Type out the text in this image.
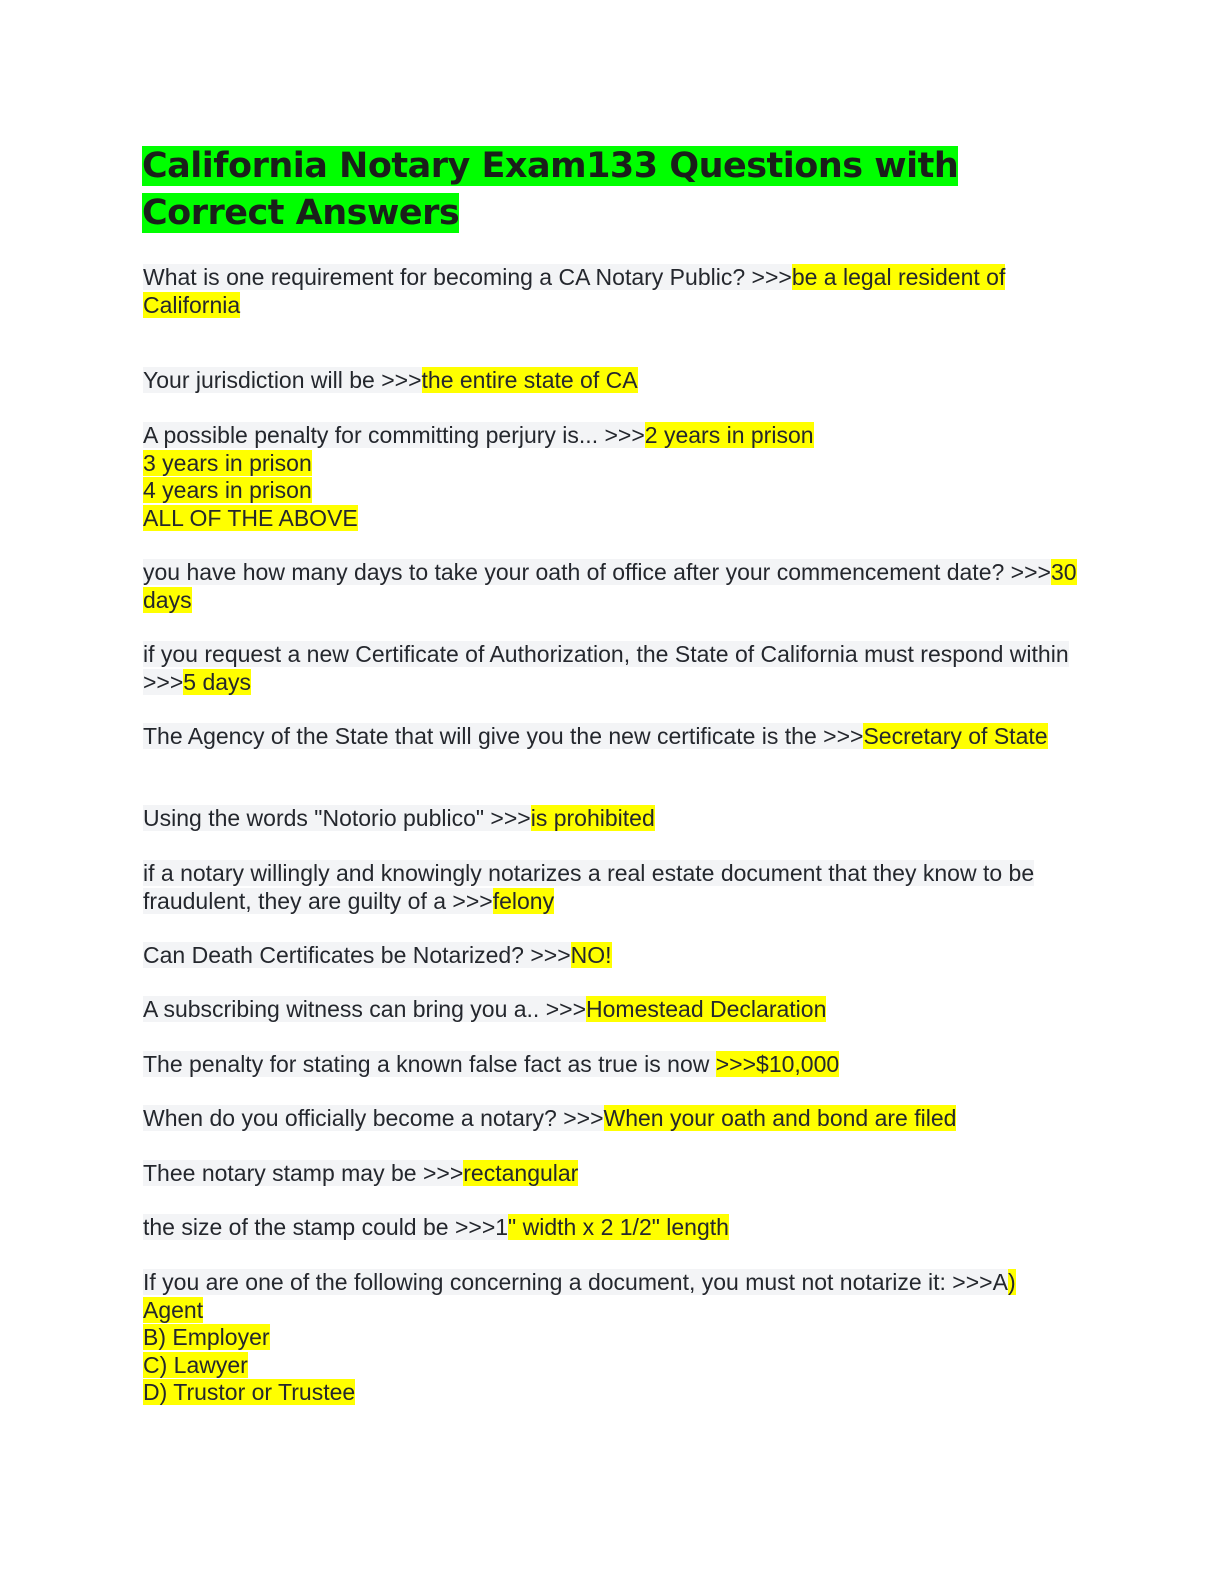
California Notary Exam133 Questions with Correct Answers

What is one requirement for becoming a CA Notary Public? >>>be a legal resident of California

Your jurisdiction will be >>>the entire state of CA

A possible penalty for committing perjury is... >>>2 years in prison
3 years in prison
4 years in prison
ALL OF THE ABOVE

you have how many days to take your oath of office after your commencement date? >>>30 days

if you request a new Certificate of Authorization, the State of California must respond within >>>5 days

The Agency of the State that will give you the new certificate is the >>>Secretary of State

Using the words "Notorio publico" >>>is prohibited

if a notary willingly and knowingly notarizes a real estate document that they know to be fraudulent, they are guilty of a >>>felony

Can Death Certificates be Notarized? >>>NO!

A subscribing witness can bring you a.. >>>Homestead Declaration

The penalty for stating a known false fact as true is now >>>$10,000

When do you officially become a notary? >>>When your oath and bond are filed

Thee notary stamp may be >>>rectangular

the size of the stamp could be >>>1" width x 2 1/2" length

If you are one of the following concerning a document, you must not notarize it: >>>A) Agent
B) Employer
C) Lawyer
D) Trustor or Trustee
